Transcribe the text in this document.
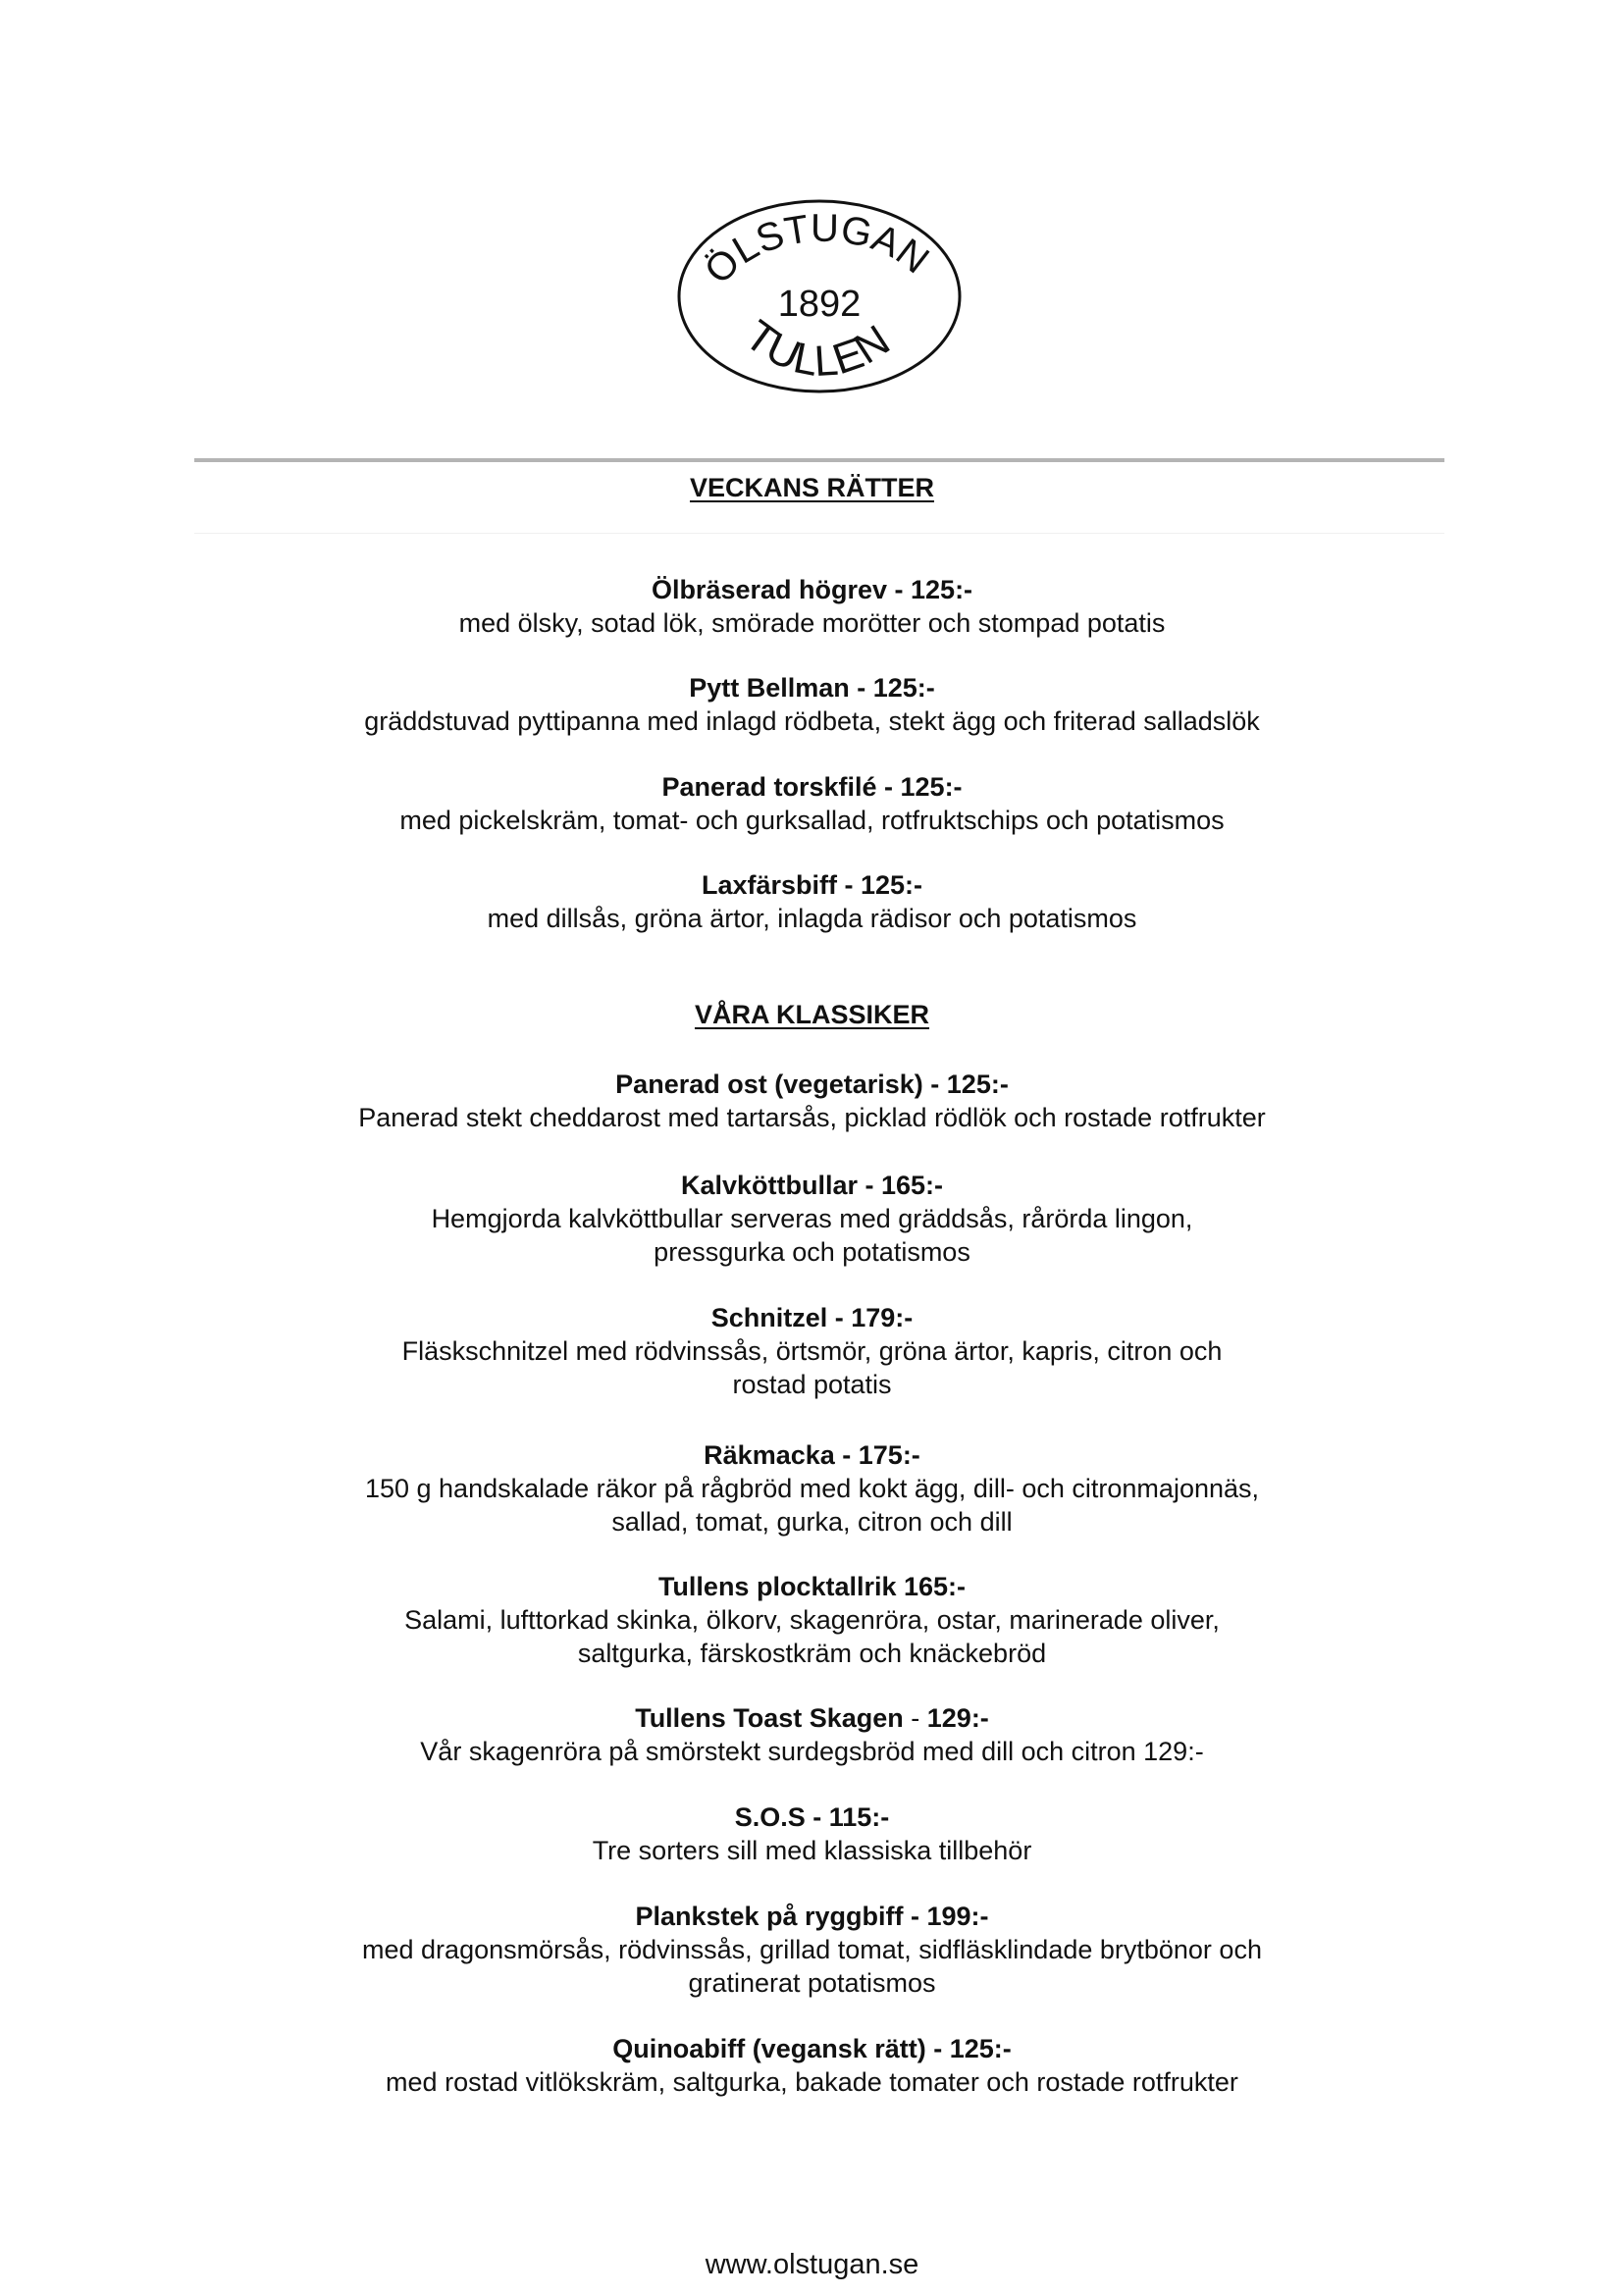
ÖLSTUGAN
1892
TULLEN
VECKANS RÄTTER
Ölbräserad högrev - 125:-
med ölsky, sotad lök, smörade morötter och stompad potatis
Pytt Bellman - 125:-
gräddstuvad pyttipanna med inlagd rödbeta, stekt ägg och friterad salladslök
Panerad torskfilé - 125:-
med pickelskräm, tomat- och gurksallad, rotfruktschips och potatismos
Laxfärsbiff - 125:-
med dillsås, gröna ärtor, inlagda rädisor och potatismos
VÅRA KLASSIKER
Panerad ost (vegetarisk) - 125:-
Panerad stekt cheddarost med tartarsås, picklad rödlök och rostade rotfrukter
Kalvköttbullar - 165:-
Hemgjorda kalvköttbullar serveras med gräddsås, rårörda lingon,
pressgurka och potatismos
Schnitzel - 179:-
Fläskschnitzel med rödvinssås, örtsmör, gröna ärtor, kapris, citron och
rostad potatis
Räkmacka - 175:-
150 g handskalade räkor på rågbröd med kokt ägg, dill- och citronmajonnäs,
sallad, tomat, gurka, citron och dill
Tullens plocktallrik 165:-
Salami, lufttorkad skinka, ölkorv, skagenröra, ostar, marinerade oliver,
saltgurka, färskostkräm och knäckebröd
Tullens Toast Skagen - 129:-
Vår skagenröra på smörstekt surdegsbröd med dill och citron 129:-
S.O.S - 115:-
Tre sorters sill med klassiska tillbehör
Plankstek på ryggbiff - 199:-
med dragonsmörsås, rödvinssås, grillad tomat, sidfläsklindade brytbönor och
gratinerat potatismos
Quinoabiff (vegansk rätt) - 125:-
med rostad vitlökskräm, saltgurka, bakade tomater och rostade rotfrukter
www.olstugan.se
